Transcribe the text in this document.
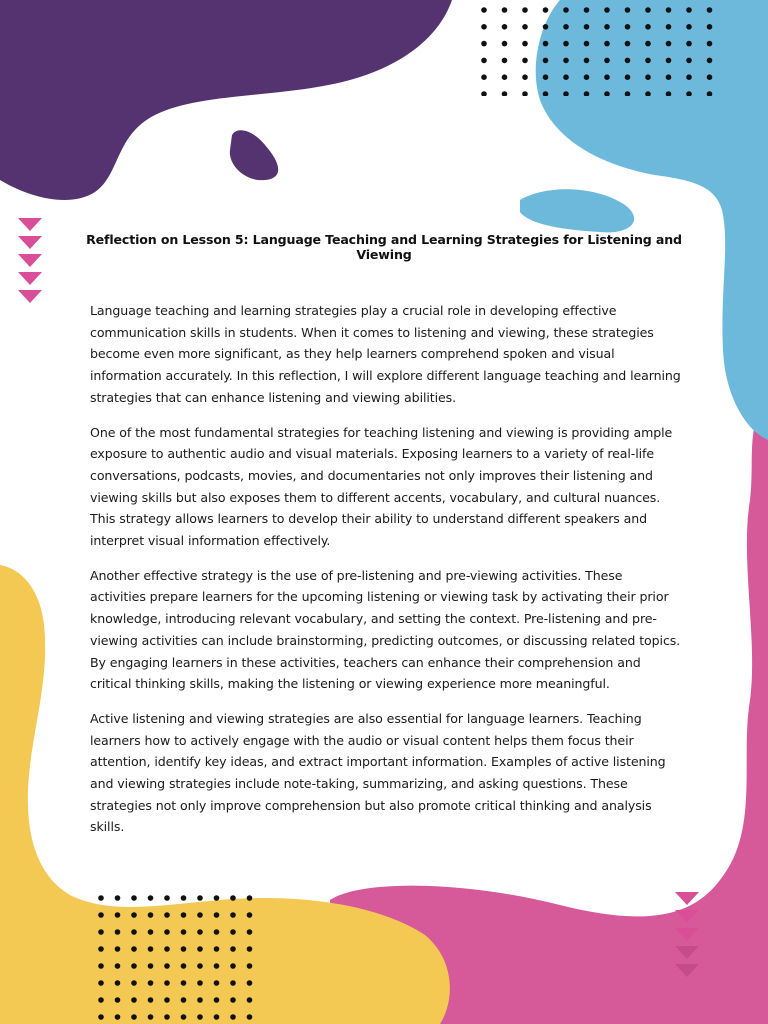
Reflection on Lesson 5: Language Teaching and Learning Strategies for Listening and Viewing

Language teaching and learning strategies play a crucial role in developing effective communication skills in students. When it comes to listening and viewing, these strategies become even more significant, as they help learners comprehend spoken and visual information accurately. In this reflection, I will explore different language teaching and learning strategies that can enhance listening and viewing abilities.

One of the most fundamental strategies for teaching listening and viewing is providing ample exposure to authentic audio and visual materials. Exposing learners to a variety of real-life conversations, podcasts, movies, and documentaries not only improves their listening and viewing skills but also exposes them to different accents, vocabulary, and cultural nuances. This strategy allows learners to develop their ability to understand different speakers and interpret visual information effectively.

Another effective strategy is the use of pre-listening and pre-viewing activities. These activities prepare learners for the upcoming listening or viewing task by activating their prior knowledge, introducing relevant vocabulary, and setting the context. Pre-listening and pre-viewing activities can include brainstorming, predicting outcomes, or discussing related topics. By engaging learners in these activities, teachers can enhance their comprehension and critical thinking skills, making the listening or viewing experience more meaningful.

Active listening and viewing strategies are also essential for language learners. Teaching learners how to actively engage with the audio or visual content helps them focus their attention, identify key ideas, and extract important information. Examples of active listening and viewing strategies include note-taking, summarizing, and asking questions. These strategies not only improve comprehension but also promote critical thinking and analysis skills.
